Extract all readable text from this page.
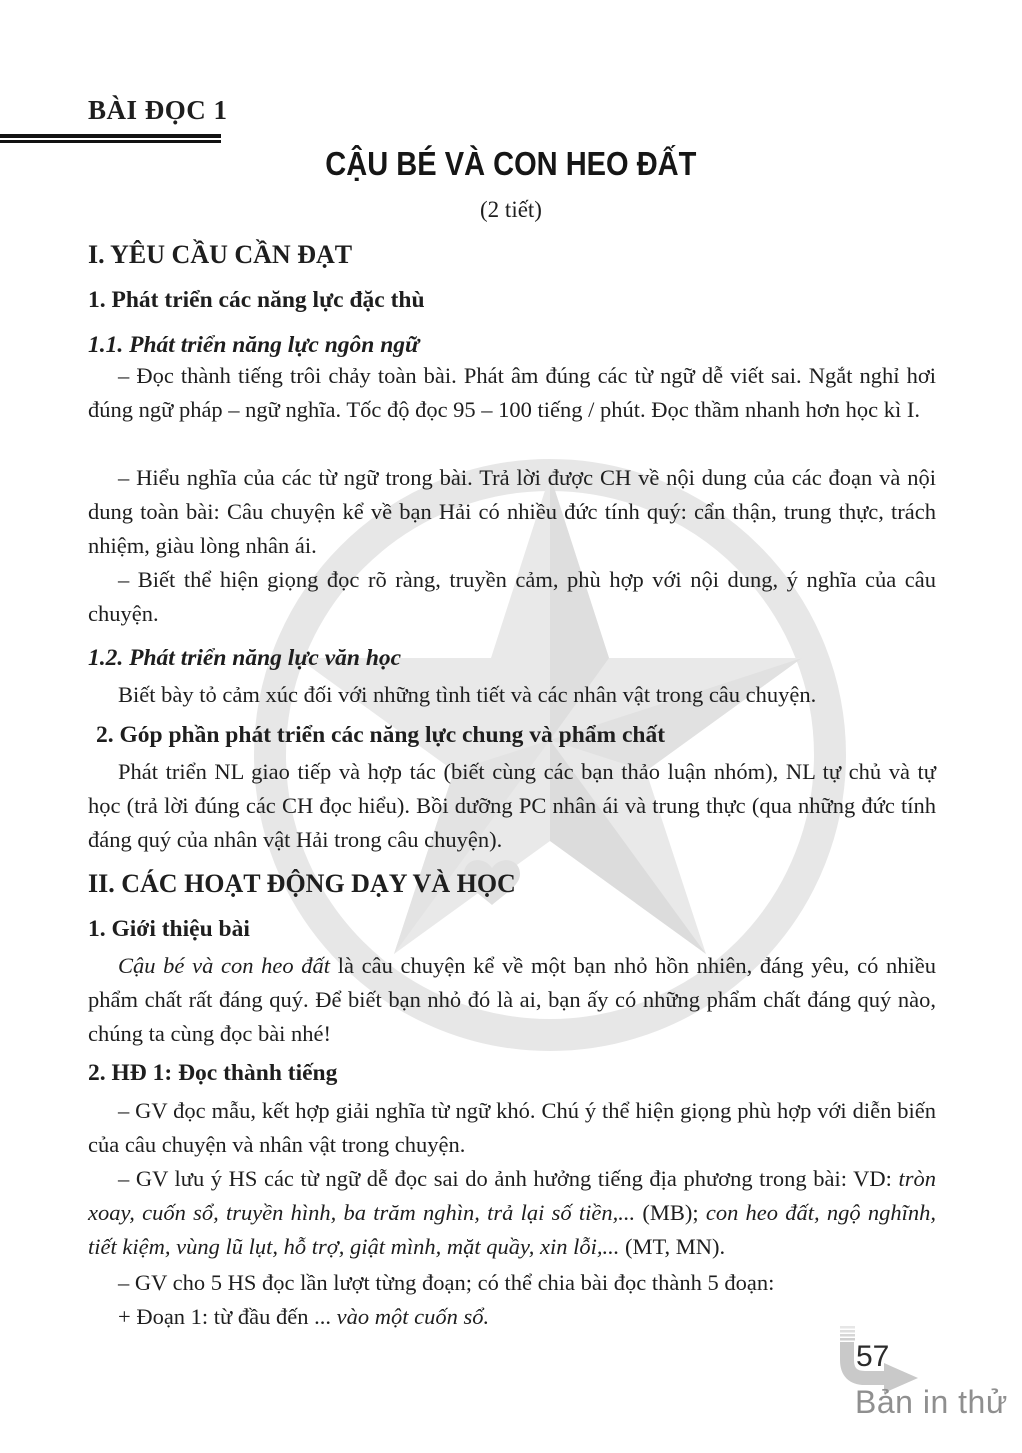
BÀI ĐỌC 1
CẬU BÉ VÀ CON HEO ĐẤT
(2 tiết)
I. YÊU CẦU CẦN ĐẠT
1. Phát triển các năng lực đặc thù
1.1. Phát triển năng lực ngôn ngữ

– Đọc thành tiếng trôi chảy toàn bài. Phát âm đúng các từ ngữ dễ viết sai. Ngắt nghỉ hơi đúng ngữ pháp – ngữ nghĩa. Tốc độ đọc 95 – 100 tiếng / phút. Đọc thầm nhanh hơn học kì I.

– Hiểu nghĩa của các từ ngữ trong bài. Trả lời được CH về nội dung của các đoạn và nội dung toàn bài: Câu chuyện kể về bạn Hải có nhiều đức tính quý: cẩn thận, trung thực, trách nhiệm, giàu lòng nhân ái.

– Biết thể hiện giọng đọc rõ ràng, truyền cảm, phù hợp với nội dung, ý nghĩa của câu chuyện.

1.2. Phát triển năng lực văn học

Biết bày tỏ cảm xúc đối với những tình tiết và các nhân vật trong câu chuyện.

2. Góp phần phát triển các năng lực chung và phẩm chất

Phát triển NL giao tiếp và hợp tác (biết cùng các bạn thảo luận nhóm), NL tự chủ và tự học (trả lời đúng các CH đọc hiểu). Bồi dưỡng PC nhân ái và trung thực (qua những đức tính đáng quý của nhân vật Hải trong câu chuyện).

II. CÁC HOẠT ĐỘNG DẠY VÀ HỌC
1. Giới thiệu bài

Cậu bé và con heo đất là câu chuyện kể về một bạn nhỏ hồn nhiên, đáng yêu, có nhiều phẩm chất rất đáng quý. Để biết bạn nhỏ đó là ai, bạn ấy có những phẩm chất đáng quý nào, chúng ta cùng đọc bài nhé!

2. HĐ 1: Đọc thành tiếng

– GV đọc mẫu, kết hợp giải nghĩa từ ngữ khó. Chú ý thể hiện giọng phù hợp với diễn biến của câu chuyện và nhân vật trong chuyện.

– GV lưu ý HS các từ ngữ dễ đọc sai do ảnh hưởng tiếng địa phương trong bài: VD: tròn xoay, cuốn sổ, truyền hình, ba trăm nghìn, trả lại số tiền,... (MB); con heo đất, ngộ nghĩnh, tiết kiệm, vùng lũ lụt, hỗ trợ, giật mình, mặt quầy, xin lỗi,... (MT, MN).

– GV cho 5 HS đọc lần lượt từng đoạn; có thể chia bài đọc thành 5 đoạn:

+ Đoạn 1: từ đầu đến ... vào một cuốn sổ.

57
Bản in thử
